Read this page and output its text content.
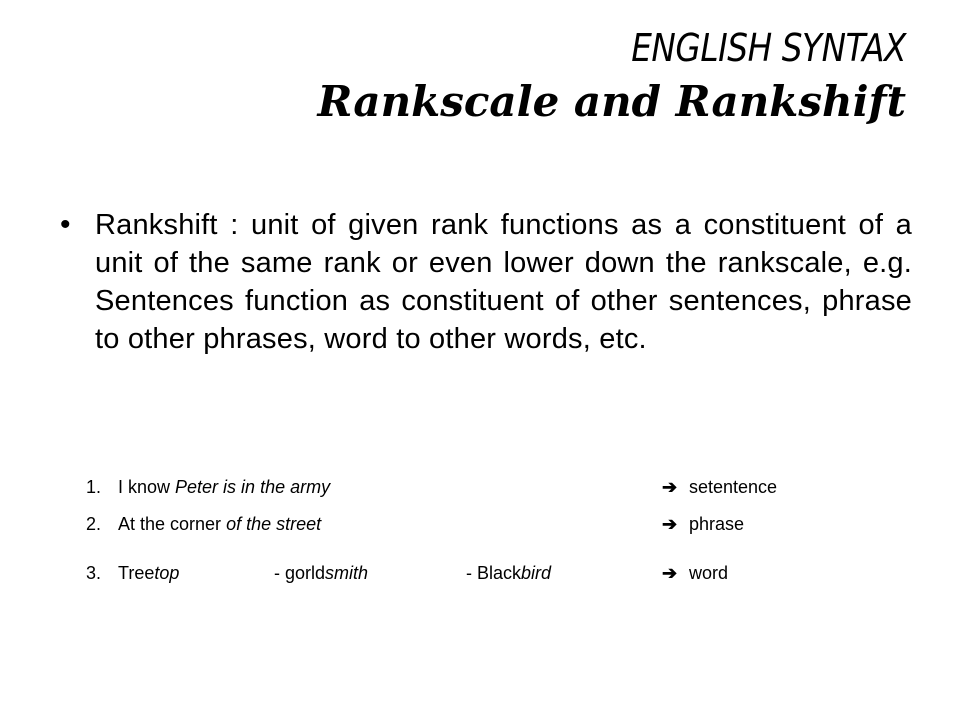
ENGLISH SYNTAX
Rankscale and Rankshift
• Rankshift : unit of given rank functions as a constituent of a unit of the same rank or even lower down the rankscale, e.g. Sentences function as constituent of other sentences, phrase to other phrases, word to other words, etc.
1. I know Peter is in the army	➔ setentence
2. At the corner of the street	➔ phrase
3. Treetop	- gorldsmith	- Blackbird	➔ word
